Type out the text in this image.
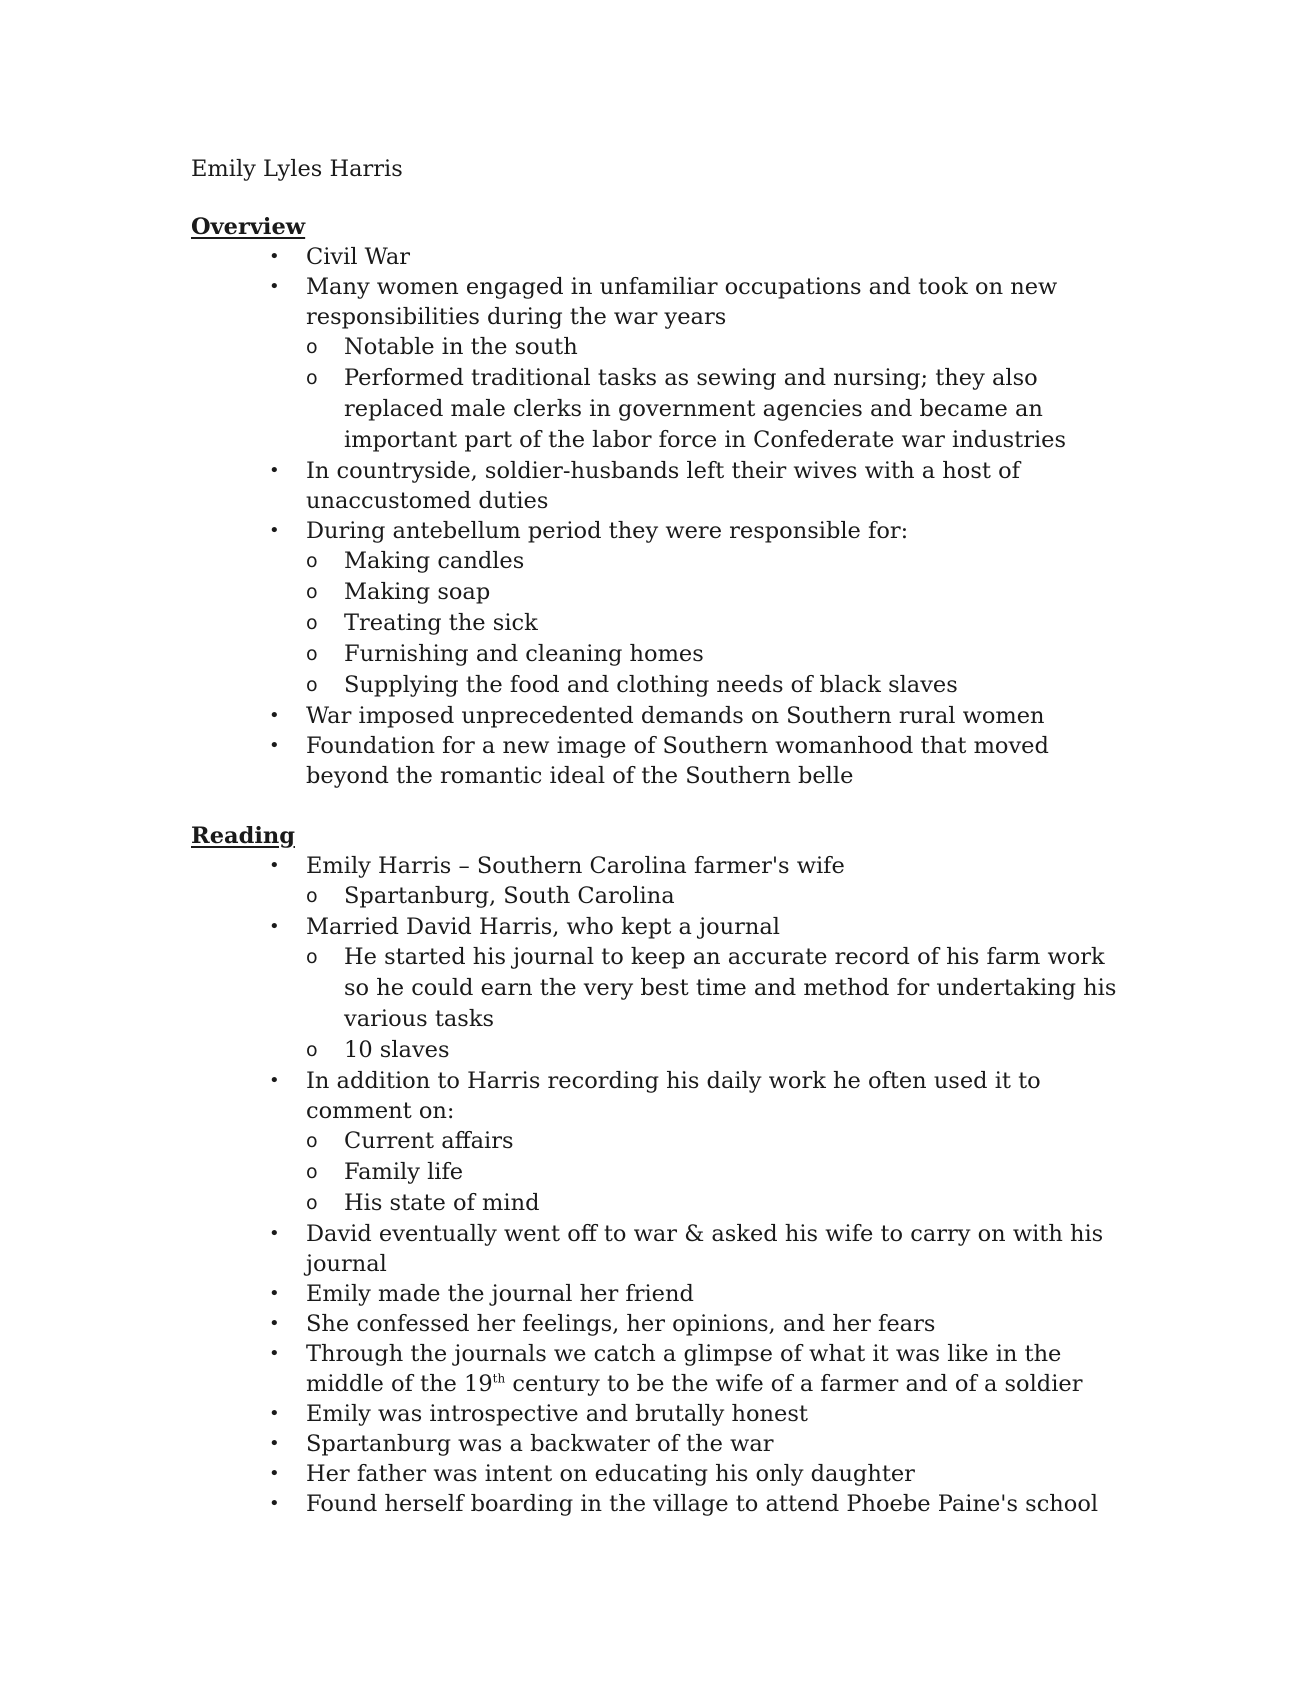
Emily Lyles Harris
Overview
•	Civil War
•	Many women engaged in unfamiliar occupations and took on new responsibilities during the war years
o	Notable in the south
o	Performed traditional tasks as sewing and nursing; they also replaced male clerks in government agencies and became an important part of the labor force in Confederate war industries
•	In countryside, soldier-husbands left their wives with a host of unaccustomed duties
•	During antebellum period they were responsible for:
o	Making candles
o	Making soap
o	Treating the sick
o	Furnishing and cleaning homes
o	Supplying the food and clothing needs of black slaves
•	War imposed unprecedented demands on Southern rural women
•	Foundation for a new image of Southern womanhood that moved beyond the romantic ideal of the Southern belle
Reading
•	Emily Harris – Southern Carolina farmer's wife
o	Spartanburg, South Carolina
•	Married David Harris, who kept a journal
o	He started his journal to keep an accurate record of his farm work so he could earn the very best time and method for undertaking his various tasks
o	10 slaves
•	In addition to Harris recording his daily work he often used it to comment on:
o	Current affairs
o	Family life
o	His state of mind
•	David eventually went off to war & asked his wife to carry on with his journal
•	Emily made the journal her friend
•	She confessed her feelings, her opinions, and her fears
•	Through the journals we catch a glimpse of what it was like in the middle of the 19th century to be the wife of a farmer and of a soldier
•	Emily was introspective and brutally honest
•	Spartanburg was a backwater of the war
•	Her father was intent on educating his only daughter
•	Found herself boarding in the village to attend Phoebe Paine's school
